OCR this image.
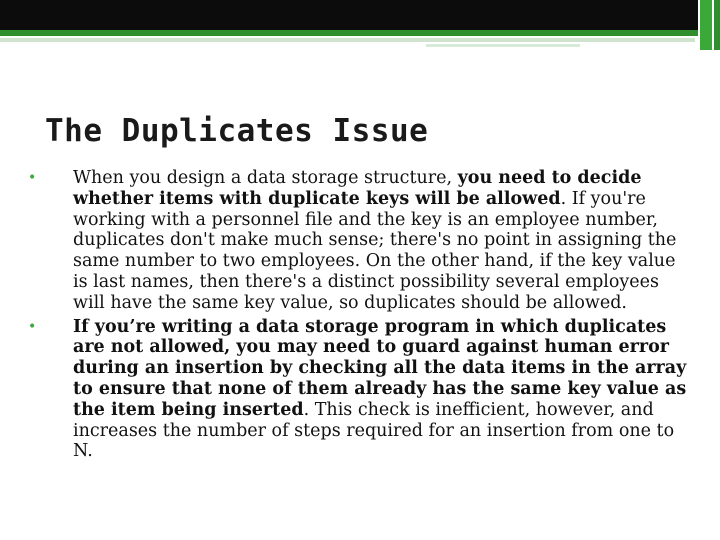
The Duplicates Issue
•	When you design a data storage structure, you need to decide whether items with duplicate keys will be allowed. If you're working with a personnel file and the key is an employee number, duplicates don't make much sense; there's no point in assigning the same number to two employees. On the other hand, if the key value is last names, then there's a distinct possibility several employees will have the same key value, so duplicates should be allowed.
•	If you’re writing a data storage program in which duplicates are not allowed, you may need to guard against human error during an insertion by checking all the data items in the array to ensure that none of them already has the same key value as the item being inserted. This check is inefficient, however, and increases the number of steps required for an insertion from one to N.
